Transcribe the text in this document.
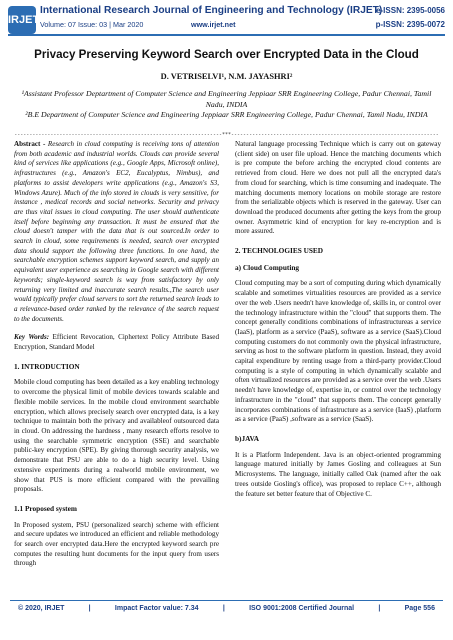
IRJET
International Research Journal of Engineering and Technology (IRJET)
e-ISSN: 2395-0056
Volume: 07 Issue: 03 | Mar 2020	www.irjet.net	p-ISSN: 2395-0072
Privacy Preserving Keyword Search over Encrypted Data in the Cloud
D. VETRISELVI¹, N.M. JAYASHRI²
¹Assistant Professor Deptartment of Computer Science and Engineering Jeppiaar SRR Engineering College, Padur Chennai, Tamil Nadu, INDIA
²B.E Department of Computer Science and Engineering Jeppiaar SRR Engineering College, Padur Chennai, Tamil Nadu, INDIA
---------------------------------------------------------------------***---------------------------------------------------------------------

Abstract - Research in cloud computing is receiving tons of attention from both academic and industrial worlds. Clouds can provide several kind of services like applications (e.g., Google Apps, Microsoft online), infrastructures (e.g., Amazon's EC2, Eucalyptus, Nimbus), and platforms to assist developers write applications (e.g., Amazon's S3, Windows Azure). Much of the info stored in clouds is very sensitive, for instance , medical records and social networks. Security and privacy are thus vital issues in cloud computing. The user should authenticate itself before beginning any transaction. It must be ensured that the cloud doesn't tamper with the data that is out sourced.In order to search in cloud, some requirements is needed, search over encrypted data should support the following three functions. In one hand, the searchable encryption schemes support keyword search, and supply an equivalent user experience as searching in Google search with different keywords; single-keyword search is way from satisfactory by only returning very limited and inaccurate search results.,The search user would typically prefer cloud servers to sort the returned search leads to a relevance-based order ranked by the relevance of the search request to the documents.

Key Words: Efficient Revocation, Ciphertext Policy Attribute Based Encryption, Standard Model

1. INTRODUCTION

Mobile cloud computing has been detailed as a key enabling technology to overcome the physical limit of mobile devices towards scalable and flexible mobile services. In the mobile cloud environment searchable encryption, which allows precisely search over encrypted data, is a key technique to maintain both the privacy and availableof outsourced data in cloud. On addressing the hardness , many research efforts resolve to using the searchable symmetric encryption (SSE) and searchable public-key encryption (SPE). By giving thorough security analysis, we demonstrate that PSU are able to do a high security level. Using extensive experiments during a realworld mobile environment, we show that PUS is more efficient compared with the prevailing proposals.

1.1 Proposed system

In Proposed system, PSU (personalized search) scheme with efficient and secure updates we introduced an efficient and reliable methodology for search over encrypted data.Here the encrypted keyword search pre computes the resulting hunt documents for the input query from users through

Natural language processing Technique which is carry out on gateway (client side) on user file upload. Hence the matching documents which is pre compute the before arching the encrypted cloud contents are retrieved from cloud. Here we does not pull all the encrypted data's from cloud for searching, which is time consuming and inadequate. The matching documents memory locations on mobile storage are restore from the serializable objects which is reserved in the gateway. User can download the produced documents after getting the keys from the group owner. Asymmetric kind of encryption for key re-encryption and is more assured.

2. TECHNOLOGIES USED
a) Cloud Computing

Cloud computing may be a sort of computing during which dynamically scalable and sometimes virtualities resources are provided as a service over the web .Users needn't have knowledge of, skills in, or control over the technology infrastructure within the "cloud" that supports them. The concept generally conditions combinations of infrastructureas a service (IaaS), platform as a service (PaaS), software as a service (SaaS).Cloud computing customers do not commonly own the physical infrastructure, serving as host to the software platform in question. Instead, they avoid capital expenditure by renting usage from a third-party provider.Cloud computing is a style of computing in which dynamically scalable and often virtualized resources are provided as a service over the web .Users needn't have knowledge of, expertise in, or control over the technology infrastructure in the "cloud" that supports them. The concept generally incorporates combinations of infrastructure as a service (IaaS) ,platform as a service (PaaS) ,software as a service (SaaS).

b)JAVA

It is a Platform Independent. Java is an object-oriented programming language matured initially by James Gosling and colleagues at Sun Microsystems. The language, initially called Oak (named after the oak trees outside Gosling's office), was proposed to replace C++, although the feature set better feature that of Objective C.

© 2020, IRJET	|	Impact Factor value: 7.34	|	ISO 9001:2008 Certified Journal	|	Page 556
